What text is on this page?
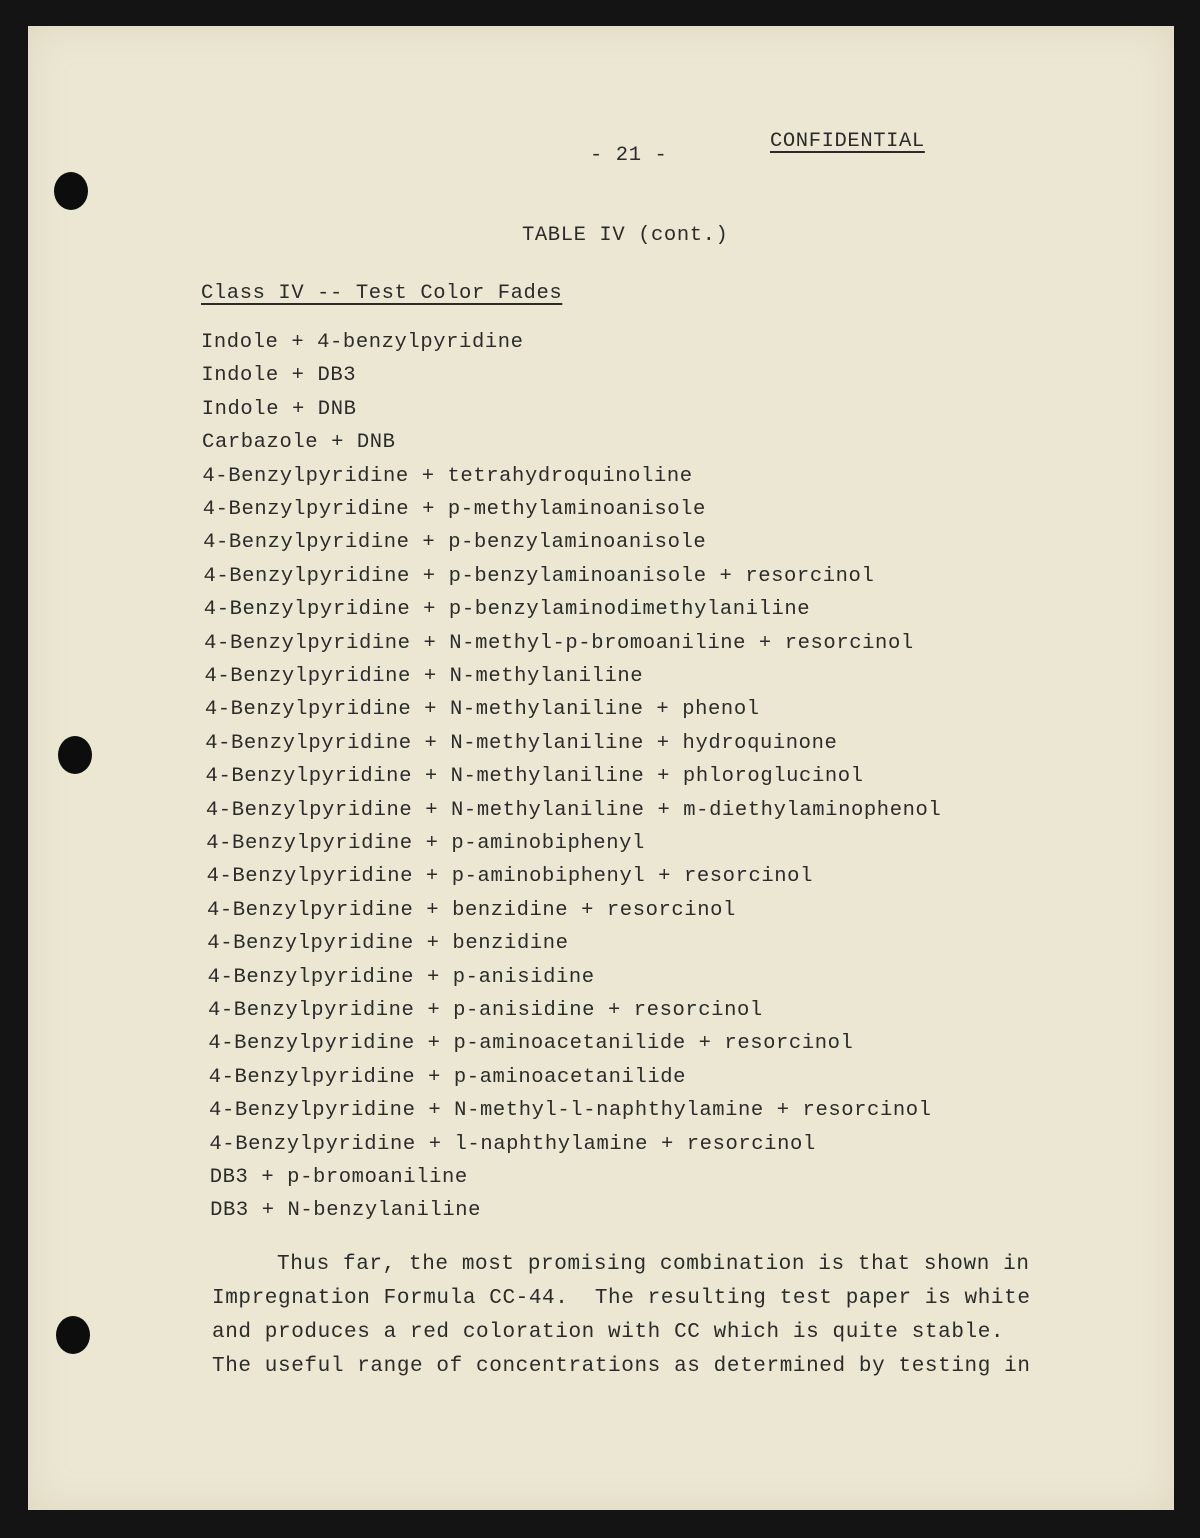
- 21 -
CONFIDENTIAL
TABLE IV (cont.)
Class IV -- Test Color Fades
Indole + 4-benzylpyridine
Indole + DB3
Indole + DNB
Carbazole + DNB
4-Benzylpyridine + tetrahydroquinoline
4-Benzylpyridine + p-methylaminoanisole
4-Benzylpyridine + p-benzylaminoanisole
4-Benzylpyridine + p-benzylaminoanisole + resorcinol
4-Benzylpyridine + p-benzylaminodimethylaniline
4-Benzylpyridine + N-methyl-p-bromoaniline + resorcinol
4-Benzylpyridine + N-methylaniline
4-Benzylpyridine + N-methylaniline + phenol
4-Benzylpyridine + N-methylaniline + hydroquinone
4-Benzylpyridine + N-methylaniline + phloroglucinol
4-Benzylpyridine + N-methylaniline + m-diethylaminophenol
4-Benzylpyridine + p-aminobiphenyl
4-Benzylpyridine + p-aminobiphenyl + resorcinol
4-Benzylpyridine + benzidine + resorcinol
4-Benzylpyridine + benzidine
4-Benzylpyridine + p-anisidine
4-Benzylpyridine + p-anisidine + resorcinol
4-Benzylpyridine + p-aminoacetanilide + resorcinol
4-Benzylpyridine + p-aminoacetanilide
4-Benzylpyridine + N-methyl-l-naphthylamine + resorcinol
4-Benzylpyridine + l-naphthylamine + resorcinol
DB3 + p-bromoaniline
DB3 + N-benzylaniline
Thus far, the most promising combination is that shown in
Impregnation Formula CC-44.  The resulting test paper is white
and produces a red coloration with CC which is quite stable.
The useful range of concentrations as determined by testing in
